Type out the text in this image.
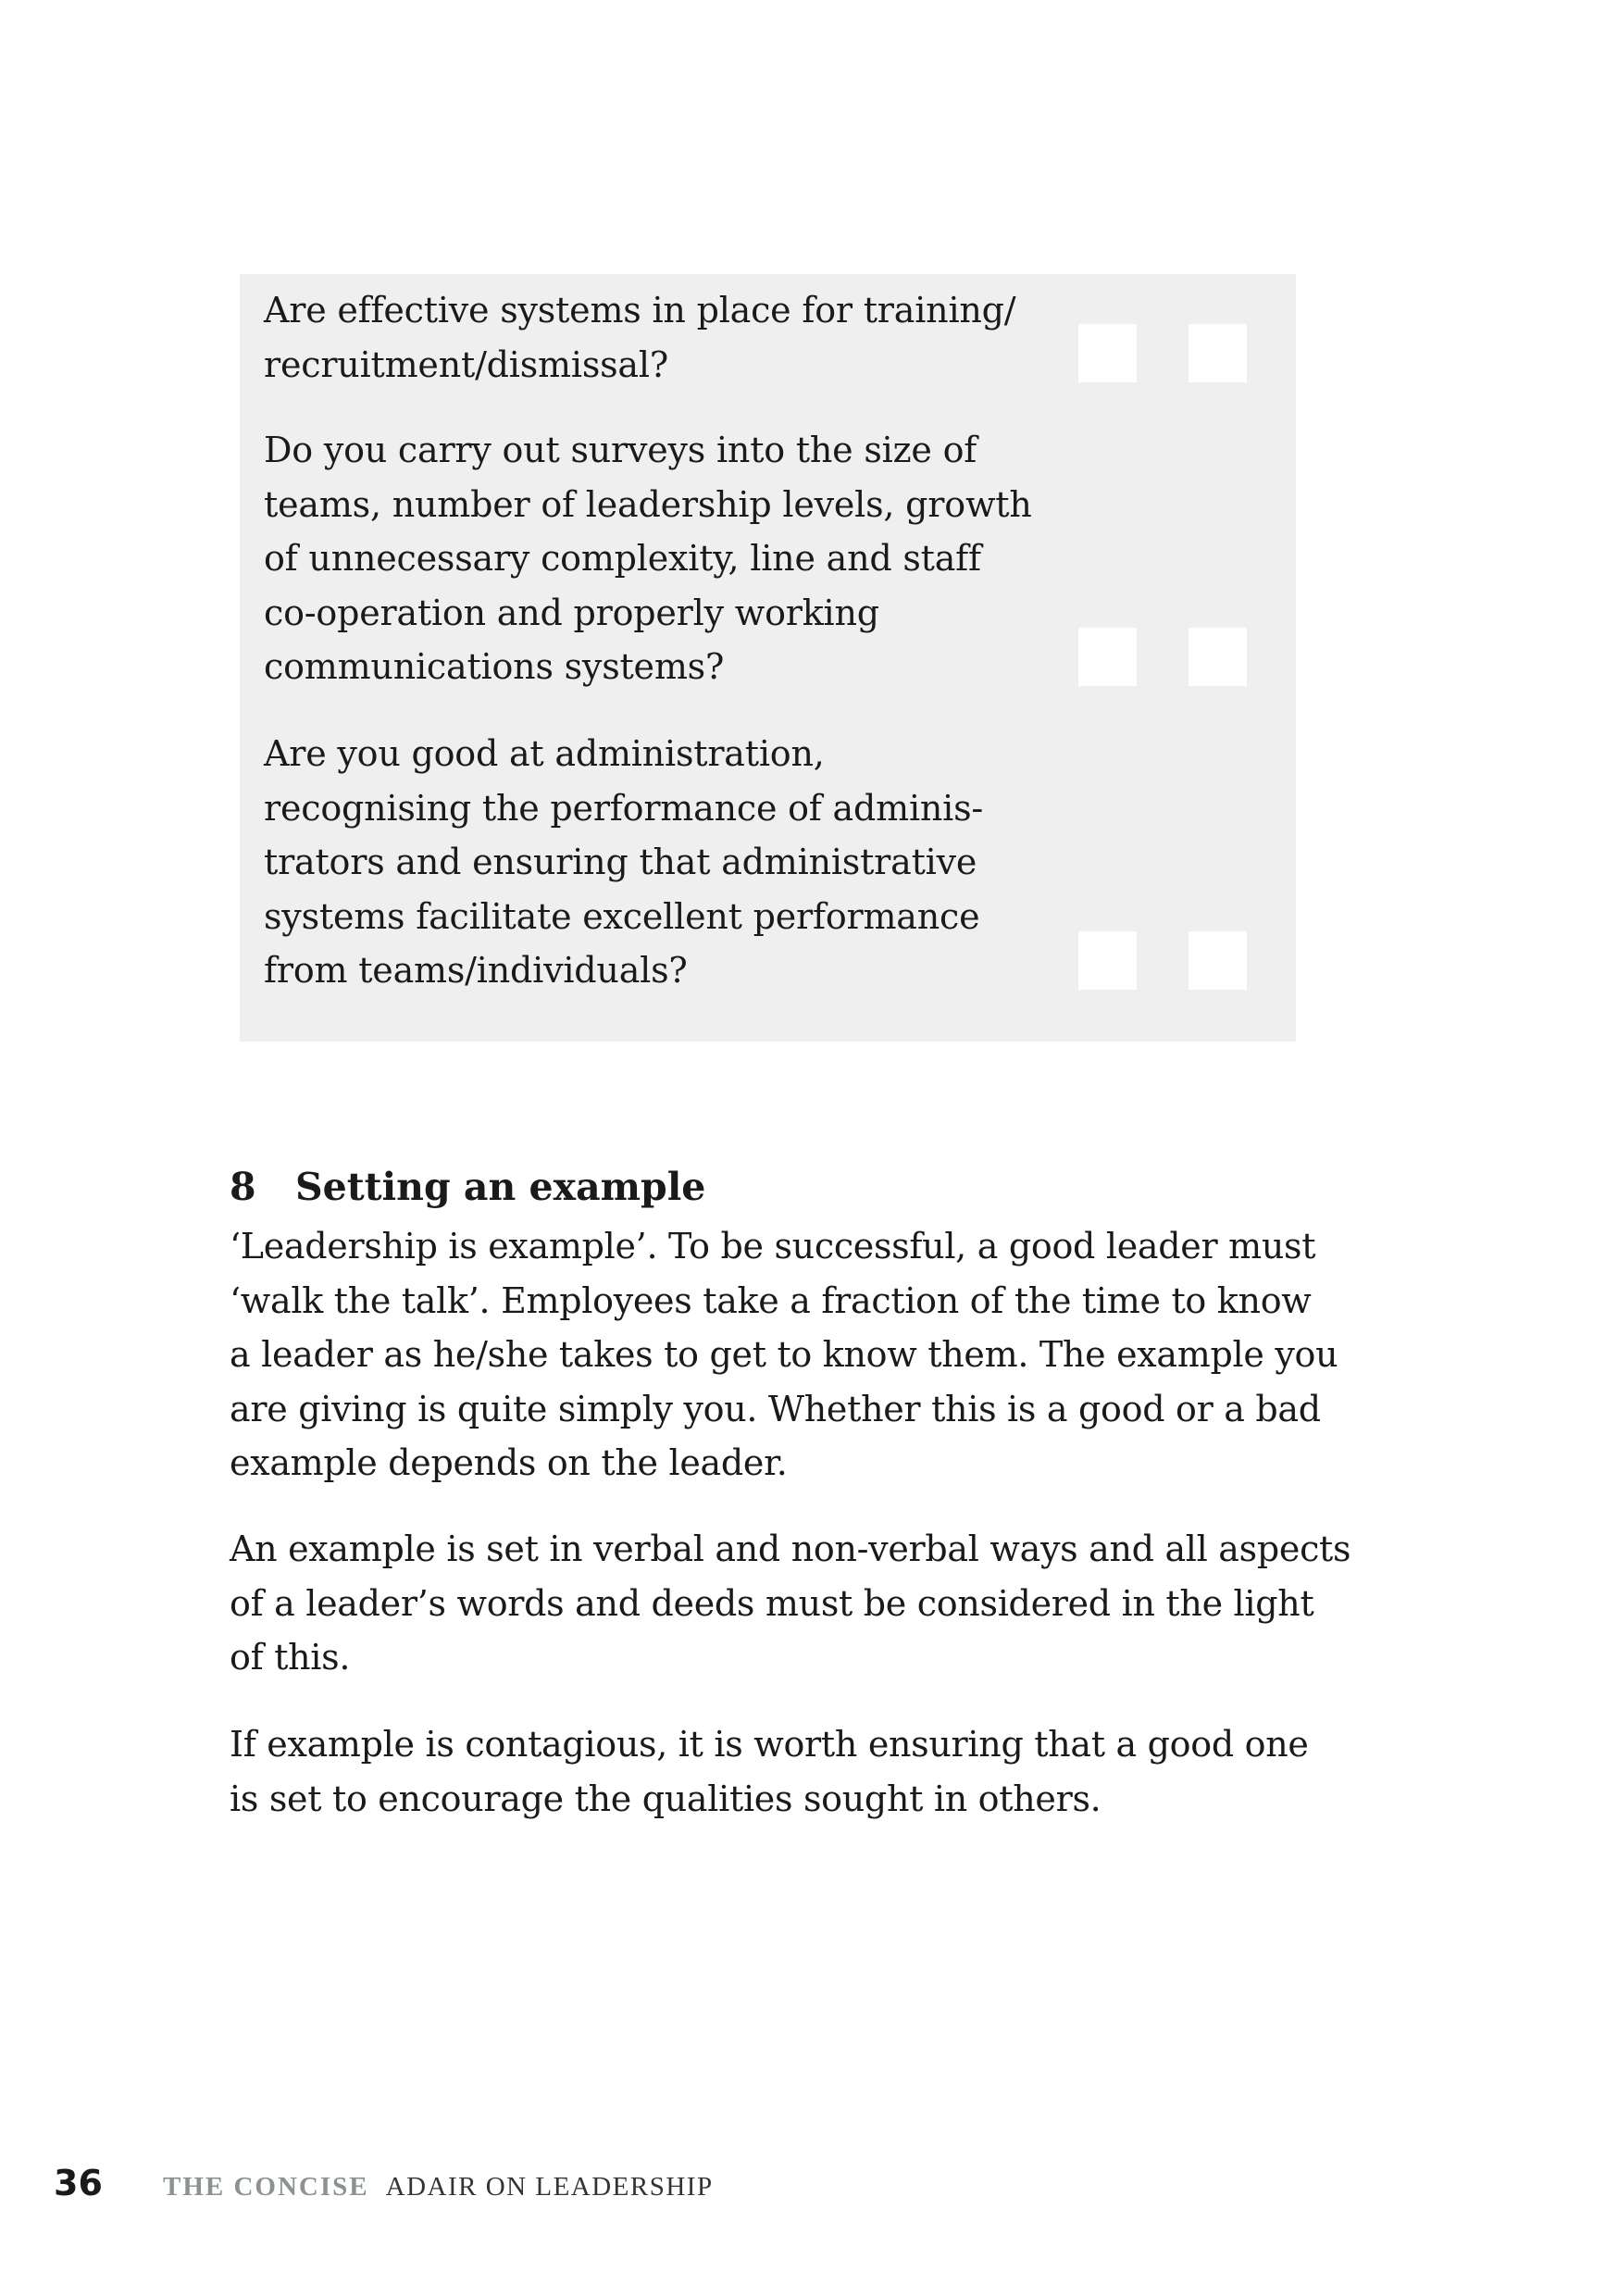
Are effective systems in place for training/
recruitment/dismissal?
Do you carry out surveys into the size of
teams, number of leadership levels, growth
of unnecessary complexity, line and staff
co-operation and properly working
communications systems?
Are you good at administration,
recognising the performance of adminis-
trators and ensuring that administrative
systems facilitate excellent performance
from teams/individuals?
8 Setting an example
‘Leadership is example’. To be successful, a good leader must
‘walk the talk’. Employees take a fraction of the time to know
a leader as he/she takes to get to know them. The example you
are giving is quite simply you. Whether this is a good or a bad
example depends on the leader.
An example is set in verbal and non-verbal ways and all aspects
of a leader’s words and deeds must be considered in the light
of this.
If example is contagious, it is worth ensuring that a good one
is set to encourage the qualities sought in others.
36 THE CONCISE ADAIR ON LEADERSHIP
